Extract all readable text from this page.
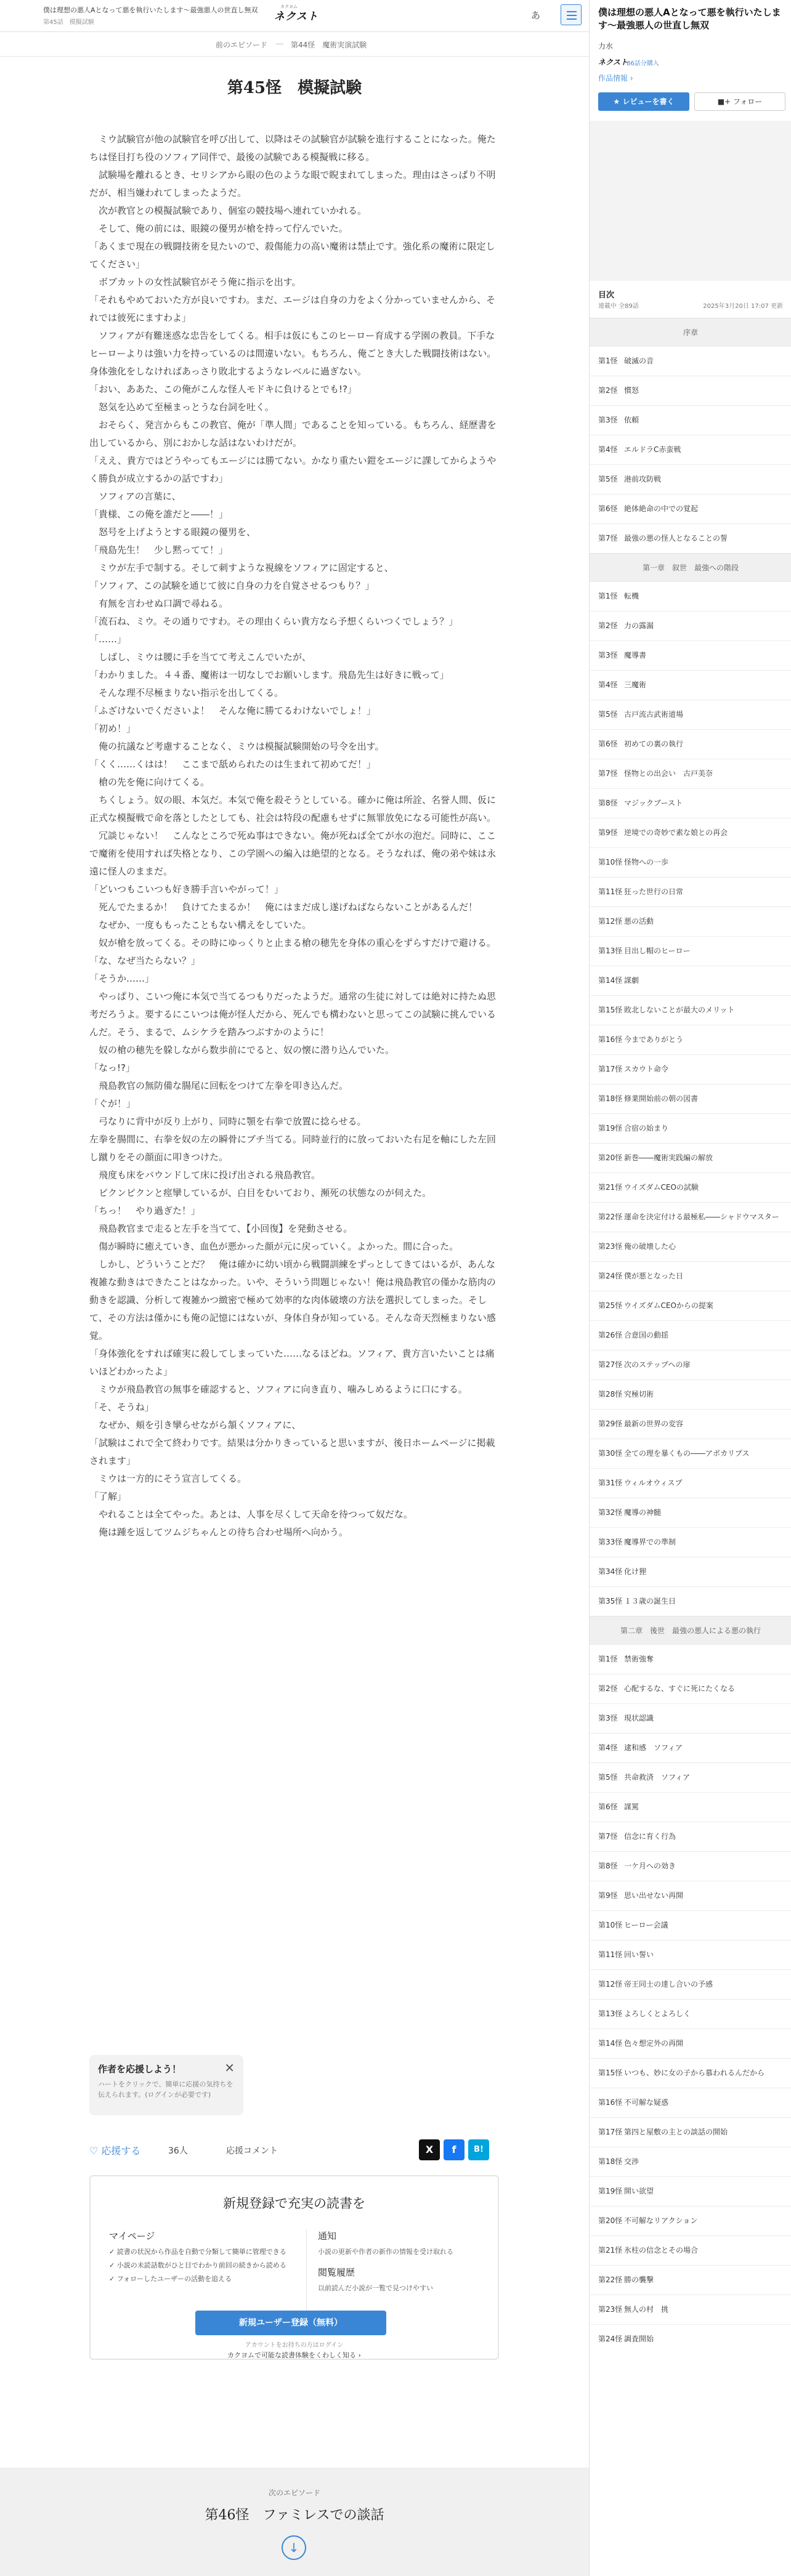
僕は理想の悪人Aとなって悪を執行いたします〜最強悪人の世直し無双
第45話　模擬試験
カクヨム
ネクスト	あ
前のエピソード ― 第44怪　魔術実演試験
第45怪　模擬試験

　ミウ試験官が他の試験官を呼び出して、以降はその試験官が試験を進行することになった。俺たちは怪目打ち役のソフィア同伴で、最後の試験である模擬戦に移る。

　試験場を離れるとき、セリシアから眼の色のような眼で睨まれてしまった。理由はさっぱり不明だが、相当嫌われてしまったようだ。

　次が教官との模擬試験であり、個室の競技場へ連れていかれる。

　そして、俺の前には、眼鏡の優男が槍を持って佇んでいた。

「あくまで現在の戦闘技術を見たいので、殺傷能力の高い魔術は禁止です。強化系の魔術に限定してください」

　ボブカットの女性試験官がそう俺に指示を出す。

「それもやめておいた方が良いですわ。まだ、エージは自身の力をよく分かっていませんから、それでは彼死にますわよ」

　ソフィアが有難迷惑な忠告をしてくる。相手は仮にもこのヒーロー育成する学園の教員。下手なヒーローよりは強い力を持っているのは間違いない。もちろん、俺ごとき大した戦闘技術はない。身体強化をしなければあっさり敗北するようなレベルに過ぎない。

「おい、ああた、この俺がこんな怪人モドキに負けるとでも!?」

　怒気を込めて至極まっとうな台詞を吐く。

　おそらく、発言からもこの教官、俺が「準人間」であることを知っている。もちろん、経歴書を出しているから、別におかしな話はないわけだが。

「ええ、貴方ではどうやってもエージには勝てない。かなり重たい鎧をエージに課してからようやく勝負が成立するかの話ですわ」

　ソフィアの言葉に、

「貴様、この俺を誰だと――！」

　怒号を上げようとする眼鏡の優男を、

「飛島先生！　少し黙ってて！」

　ミウが左手で制する。そして刺すような視線をソフィアに固定すると、

「ソフィア、この試験を通じて彼に自身の力を自覚させるつもり？」

　有無を言わせぬ口調で尋ねる。

「流石ね、ミウ。その通りですわ。その理由くらい貴方なら予想くらいつくでしょう？」

「……」

　しばし、ミウは腰に手を当てて考えこんでいたが、

「わかりました。４４番、魔術は一切なしでお願いします。飛島先生は好きに戦って」

　そんな理不尽極まりない指示を出してくる。

「ふざけないでくださいよ！　そんな俺に勝てるわけないでしょ！」

「初め！」

　俺の抗議など考慮することなく、ミウは模擬試験開始の号令を出す。

「くく……くはは！　ここまで舐められたのは生まれて初めてだ！」

　槍の先を俺に向けてくる。

　ちくしょう。奴の眼、本気だ。本気で俺を殺そうとしている。確かに俺は所詮、名誉人間、仮に正式な模擬戦で命を落としたとしても、社会は特段の配慮もせずに無罪放免になる可能性が高い。

　冗談じゃない！　こんなところで死ぬ事はできない。俺が死ねば全てが水の泡だ。同時に、ここで魔術を使用すれば失格となり、この学園への編入は絶望的となる。そうなれば、俺の弟や妹は永遠に怪人のままだ。

「どいつもこいつも好き勝手言いやがって！」

　死んでたまるか！　負けてたまるか！　俺にはまだ成し遂げねばならないことがあるんだ！

　なぜか、一度ももったこともない構えをしていた。

　奴が槍を放ってくる。その時にゆっくりと止まる槍の穂先を身体の重心をずらすだけで避ける。

「な、なぜ当たらない？」

「そうか……」

　やっぱり、こいつ俺に本気で当てるつもりだったようだ。通常の生徒に対しては絶対に持たぬ思考だろうよ。要するにこいつは俺が怪人だから、死んでも構わないと思ってこの試験に挑んでいるんだ。そう、まるで、ムシケラを踏みつぶすかのように！

　奴の槍の穂先を躱しながら数歩前にでると、奴の懐に潜り込んでいた。

「なっ!?」

　飛島教官の無防備な腸尾に回転をつけて左拳を叩き込んだ。

「ぐが！」

　弓なりに背中が反り上がり、同時に顎を右拳で放置に捻らせる。

左拳を腸間に、右拳を奴の左の瞬骨にブチ当てる。同時並行的に放っておいた右足を軸にした左回し蹴りをその顔面に叩きつけた。

　飛度も床をバウンドして床に投げ出される飛島教官。

　ピクンピクンと痙攣しているが、白目をむいており、瀕死の状態なのが伺えた。

「ちっ！　やり過ぎた！」

　飛島教官まで走ると左手を当てて、【小回復】を発動させる。

　傷が瞬時に癒えていき、血色が悪かった顔が元に戻っていく。よかった。間に合った。

　しかし、どういうことだ？　俺は確かに幼い頃から戦闘訓練をずっとしてきてはいるが、あんな複雑な動きはできたことはなかった。いや、そういう問題じゃない！俺は飛島教官の僅かな筋肉の動きを認識、分析して複雑かつ緻密で極めて効率的な肉体破壊の方法を選択してしまった。そして、その方法は僅かにも俺の記憶にはないが、身体自身が知っている。そんな奇天烈極まりない感覚。

「身体強化をすれば確実に殺してしまっていた……なるほどね。ソフィア、貴方言いたいことは痛いほどわかったよ」

　ミウが飛島教官の無事を確認すると、ソフィアに向き直り、噛みしめるように口にする。

「そ、そうね」

　なぜか、頬を引き攣らせながら頷くソフィアに、

「試験はこれで全て終わりです。結果は分かりきっていると思いますが、後日ホームページに掲載されます」

　ミウは一方的にそう宣言してくる。

「了解」

　やれることは全てやった。あとは、人事を尽くして天命を待つって奴だな。

　俺は踵を返してツムジちゃんとの待ち合わせ場所へ向かう。

作者を応援しよう！
ハートをクリックで、簡単に応援の気持ちを伝えられます。(ログインが必要です)
×
♡ 応援する	36人	応援コメント	X	f	B!
新規登録で充実の読書を
マイページ
✓ 読書の状況から作品を自動で分類して簡単に管理できる
✓ 小説の未読話数がひと目でわかり前回の続きから読める
✓ フォローしたユーザーの活動を追える
通知
小説の更新や作者の新作の情報を受け取れる
閲覧履歴
以前読んだ小説が一覧で見つけやすい
新規ユーザー登録（無料）
アカウントをお持ちの方はログイン
カクヨムで可能な読書体験をくわしく知る ›
次のエピソード
第46怪　ファミレスでの談話
↓
僕は理想の悪人Aとなって悪を執行いたします〜最強悪人の世直し無双
力水
ネクスト
86話分購入
作品情報 ›
★ レビューを書く	■+ フォロー
目次
連載中 全89話	2025年3月20日 17:07 更新
序章
第1怪 破滅の音
第2怪 慣怒
第3怪 依頼
第4怪 エルドラC赤蛮戦
第5怪 港前攻防戦
第6怪 絶体絶命の中での覚起
第7怪 最強の悪の怪人となることの誓
第一章　叙世　最強への階段
第1怪 転機
第2怪 力の露漏
第3怪 魔導書
第4怪 三魔術
第5怪 古戸流古武術道場
第6怪 初めての裏の執行
第7怪 怪物との出会い　古戸美奈
第8怪 マジックブースト
第9怪 逆境での奇妙で素な娘との再会
第10怪 怪物への一歩
第11怪 狂った世行の日常
第12怪 悪の活動
第13怪 目出し帽のヒーロー
第14怪 謀劇
第15怪 敗北しないことが最大のメリット
第16怪 今までありがとう
第17怪 スカウト命令
第18怪 修業開始前の朝の図書
第19怪 合宿の始まり
第20怪 新巻――魔術実践編の解放
第21怪 ウイズダムCEOの試験
第22怪 運命を決定付ける最極私――シャドウマスター
第23怪 俺の破壊した心
第24怪 僕が悪となった日
第25怪 ウイズダムCEOからの提案
第26怪 合意国の動揺
第27怪 次のステップへの扉
第28怪 究極切術
第29怪 最新の世界の変容
第30怪 全ての理を暴くもの――アポカリプス
第31怪 ウィルオウィスプ
第32怪 魔導の神髄
第33怪 魔導界での準制
第34怪 化け狸
第35怪 １３歳の誕生日
第二章　後世　最強の悪人による悪の執行
第1怪 禁術強奪
第2怪 心配するな、すぐに死にたくなる
第3怪 現状認識
第4怪 逮和感　ソフィア
第5怪 共命救済　ソフィア
第6怪 謀罵
第7怪 信念に育く行為
第8怪 一ケ月への効き
第9怪 思い出せない再開
第10怪 ヒーロー会議
第11怪 回い誓い
第12怪 帝王同士の達し合いの予感
第13怪 よろしくとよろしく
第14怪 色々想定外の再開
第15怪 いつも、妙に女の子から慕われるんだから
第16怪 不可解な疑惑
第17怪 第四と屋敷の主との談話の開始
第18怪 交渉
第19怪 開い欲望
第20怪 不可解なリアクション
第21怪 氷柱の信念とその場合
第22怪 勝の襲撃
第23怪 無人の村　挑
第24怪 調査開始
